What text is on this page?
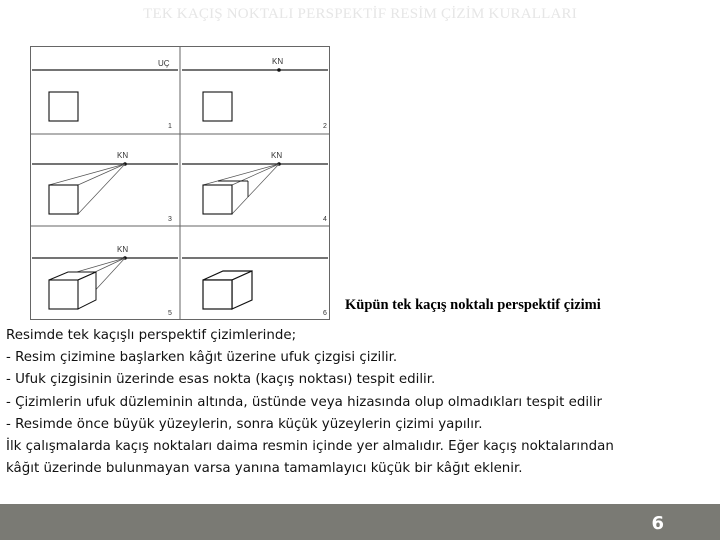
TEK KAÇIŞ NOKTALI PERSPEKTİF RESİM ÇİZİM KURALLARI
UÇ	KN
KN	KN
KN
1	2
3	4
5	6
Küpün tek kaçış noktalı perspektif çizimi
Resimde tek kaçışlı perspektif çizimlerinde;
- Resim çizimine başlarken kâğıt üzerine ufuk çizgisi çizilir.
- Ufuk çizgisinin üzerinde esas nokta (kaçış noktası) tespit edilir.
- Çizimlerin ufuk düzleminin altında, üstünde veya hizasında olup olmadıkları tespit edilir
- Resimde önce büyük yüzeylerin, sonra küçük yüzeylerin çizimi yapılır.
İlk çalışmalarda kaçış noktaları daima resmin içinde yer almalıdır. Eğer kaçış noktalarından
kâğıt üzerinde bulunmayan varsa yanına tamamlayıcı küçük bir kâğıt eklenir.
6
